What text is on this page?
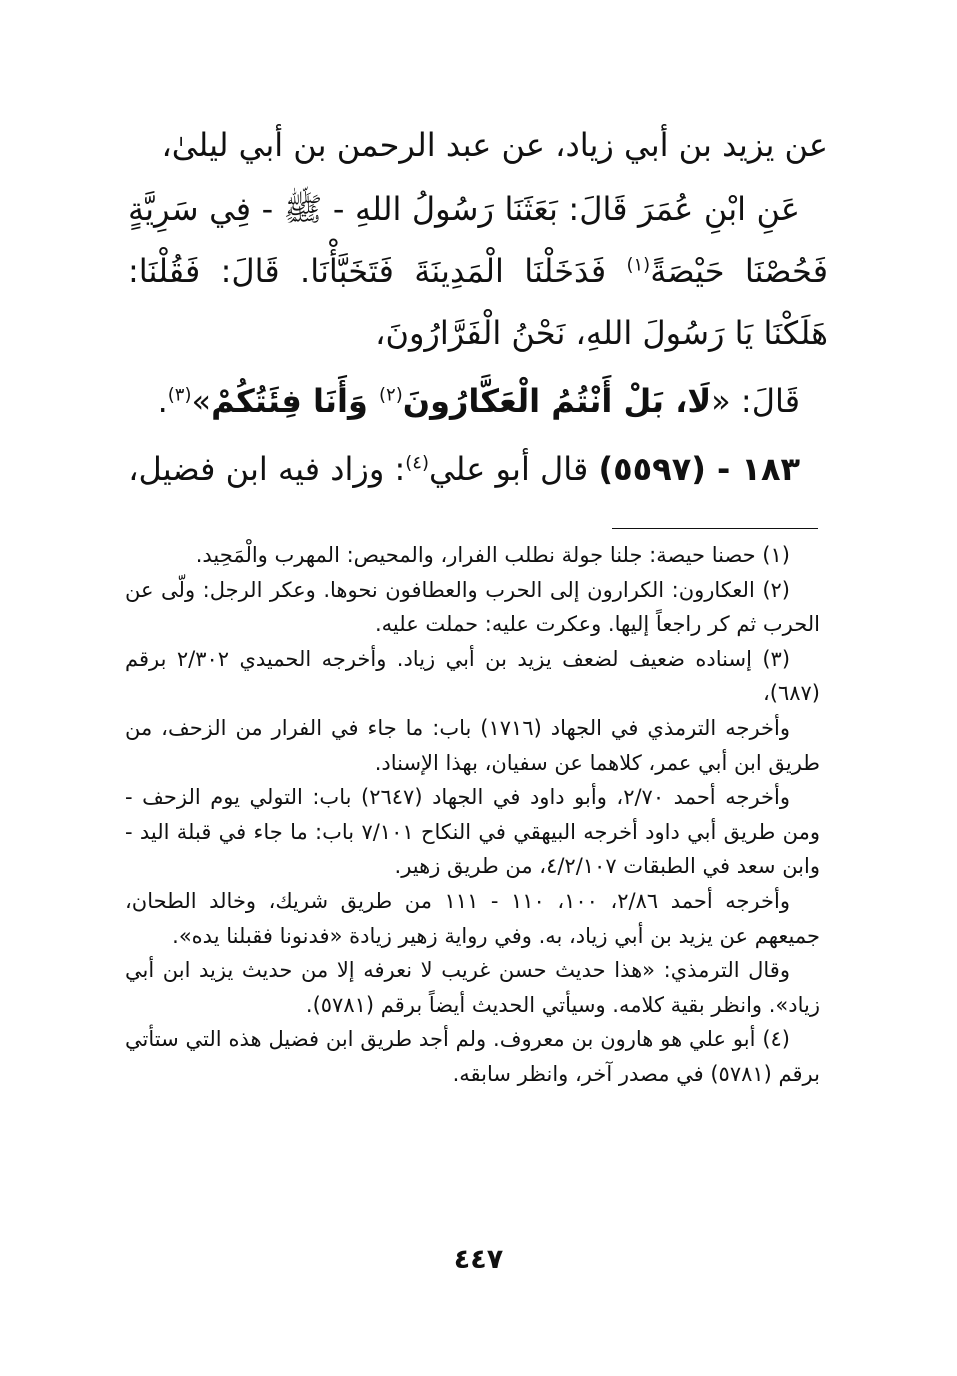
عن يزيد بن أبي زياد، عن عبد الرحمن بن أبي ليلىٰ،

عَنِ ابْنِ عُمَرَ قَالَ: بَعَثَنَا رَسُولُ اللهِ - ﷺ - فِي سَرِيَّةٍ فَحُصْنَا حَيْصَةً$^{(١)}$ فَدَخَلْنَا الْمَدِينَةَ فَتَخَبَّأْنَا. قَالَ: فَقُلْنَا: هَلَكْنَا يَا رَسُولَ اللهِ، نَحْنُ الْفَرَّارُونَ،

قَالَ: «لَا، بَلْ أَنْتُمُ الْعَكَّارُونَ$^{(٢)}$ وَأَنَا فِئَتُكُمْ»$^{(٣)}$.

١٨٣ - (٥٥٩٧) قال أبو علي$^{(٤)}$: وزاد فيه ابن فضيل،

(١) حصنا حيصة: جلنا جولة نطلب الفرار، والمحيص: المهرب والْمَحِيد.

(٢) العكارون: الكرارون إلى الحرب والعطافون نحوها. وعكر الرجل: ولّى عن الحرب ثم كر راجعاً إليها. وعكرت عليه: حملت عليه.

(٣) إسناده ضعيف لضعف يزيد بن أبي زياد. وأخرجه الحميدي ٢/٣٠٢ برقم (٦٨٧)،

وأخرجه الترمذي في الجهاد (١٧١٦) باب: ما جاء في الفرار من الزحف، من طريق ابن أبي عمر، كلاهما عن سفيان، بهذا الإسناد.

وأخرجه أحمد ٢/٧٠، وأبو داود في الجهاد (٢٦٤٧) باب: التولي يوم الزحف - ومن طريق أبي داود أخرجه البيهقي في النكاح ٧/١٠١ باب: ما جاء في قبلة اليد - وابن سعد في الطبقات ٤/٢/١٠٧، من طريق زهير.

وأخرجه أحمد ٢/٨٦، ١٠٠، ١١٠ - ١١١ من طريق شريك، وخالد الطحان، جميعهم عن يزيد بن أبي زياد، به. وفي رواية زهير زيادة «فدنونا فقبلنا يده».

وقال الترمذي: «هذا حديث حسن غريب لا نعرفه إلا من حديث يزيد ابن أبي زياد». وانظر بقية كلامه. وسيأتي الحديث أيضاً برقم (٥٧٨١).

(٤) أبو علي هو هارون بن معروف. ولم أجد طريق ابن فضيل هذه التي ستأتي برقم (٥٧٨١) في مصدر آخر، وانظر سابقه.

٤٤٧
